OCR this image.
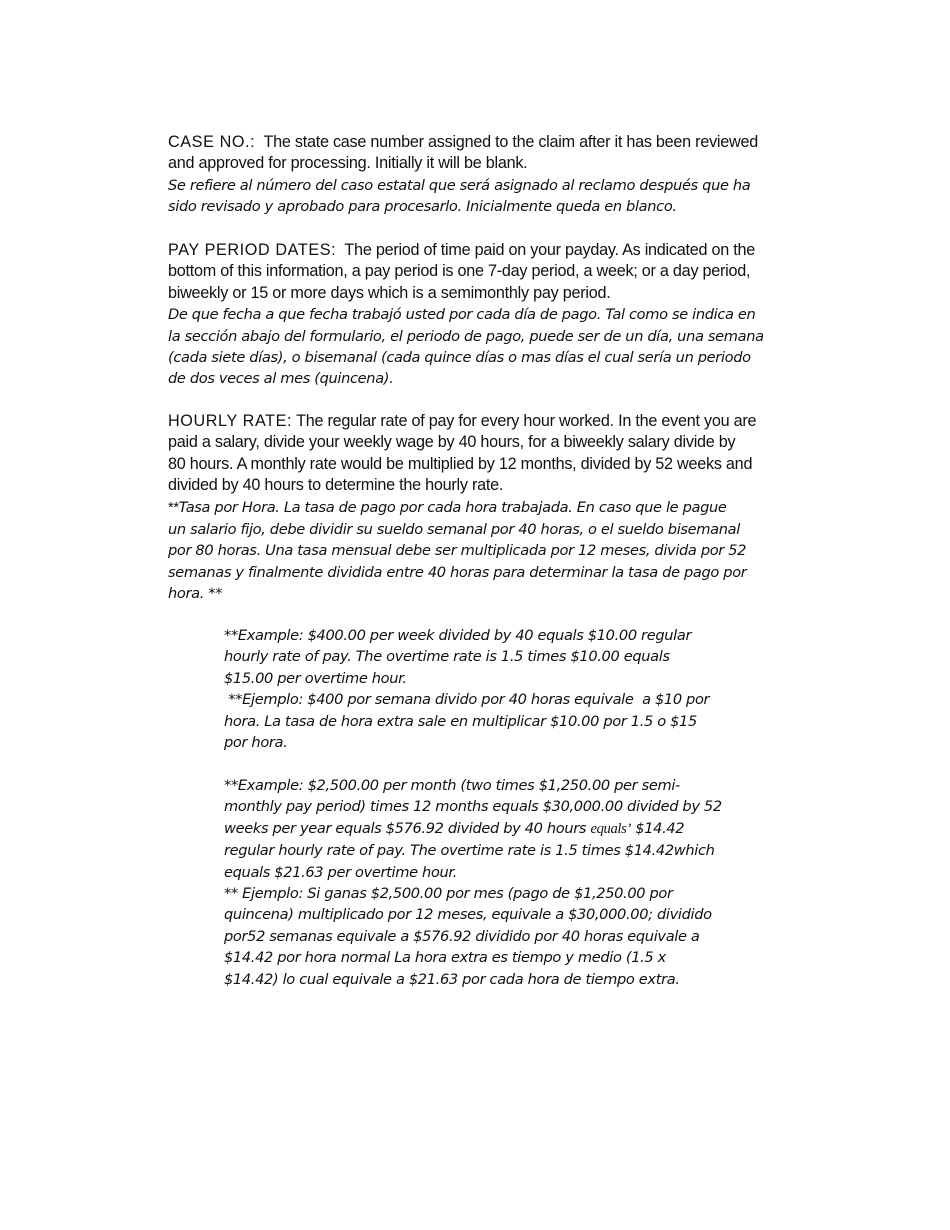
CASE NO.: The state case number assigned to the claim after it has been reviewed
and approved for processing. Initially it will be blank.

Se refiere al número del caso estatal que será asignado al reclamo después que ha
sido revisado y aprobado para procesarlo. Inicialmente queda en blanco.

PAY PERIOD DATES: The period of time paid on your payday. As indicated on the
bottom of this information, a pay period is one 7-day period, a week; or a day period,
biweekly or 15 or more days which is a semimonthly pay period.

De que fecha a que fecha trabajó usted por cada día de pago. Tal como se indica en
la sección abajo del formulario, el periodo de pago, puede ser de un día, una semana
(cada siete días), o bisemanal (cada quince días o mas días el cual sería un periodo
de dos veces al mes (quincena).

HOURLY RATE: The regular rate of pay for every hour worked. In the event you are
paid a salary, divide your weekly wage by 40 hours, for a biweekly salary divide by
80 hours. A monthly rate would be multiplied by 12 months, divided by 52 weeks and
divided by 40 hours to determine the hourly rate.

**Tasa por Hora. La tasa de pago por cada hora trabajada. En caso que le pague
un salario fijo, debe dividir su sueldo semanal por 40 horas, o el sueldo bisemanal
por 80 horas. Una tasa mensual debe ser multiplicada por 12 meses, divida por 52
semanas y finalmente dividida entre 40 horas para determinar la tasa de pago por
hora. **

**Example: $400.00 per week divided by 40 equals $10.00 regular
hourly rate of pay. The overtime rate is 1.5 times $10.00 equals
$15.00 per overtime hour.

**Ejemplo: $400 por semana divido por 40 horas equivale  a $10 por
hora. La tasa de hora extra sale en multiplicar $10.00 por 1.5 o $15
por hora.

**Example: $2,500.00 per month (two times $1,250.00 per semi-
monthly pay period) times 12 months equals $30,000.00 divided by 52
weeks per year equals $576.92 divided by 40 hours equals’ $14.42
regular hourly rate of pay. The overtime rate is 1.5 times $14.42which
equals $21.63 per overtime hour.

** Ejemplo: Si ganas $2,500.00 por mes (pago de $1,250.00 por
quincena) multiplicado por 12 meses, equivale a $30,000.00; dividido
por52 semanas equivale a $576.92 dividido por 40 horas equivale a
$14.42 por hora normal La hora extra es tiempo y medio (1.5 x
$14.42) lo cual equivale a $21.63 por cada hora de tiempo extra.
